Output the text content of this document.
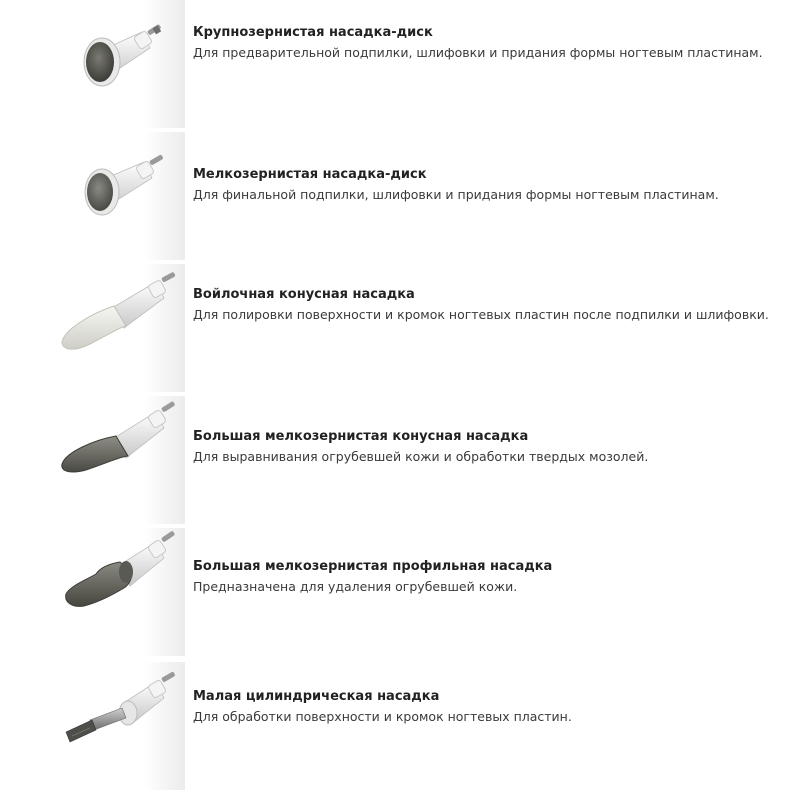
Крупнозернистая насадка-диск
Для предварительной подпилки, шлифовки и придания формы ногтевым пластинам.
Мелкозернистая насадка-диск
Для финальной подпилки, шлифовки и придания формы ногтевым пластинам.
Войлочная конусная насадка
Для полировки поверхности и кромок ногтевых пластин после подпилки и шлифовки.
Большая мелкозернистая конусная насадка
Для выравнивания огрубевшей кожи и обработки твердых мозолей.
Большая мелкозернистая профильная насадка
Предназначена для удаления огрубевшей кожи.
Малая цилиндрическая насадка
Для обработки поверхности и кромок ногтевых пластин.
